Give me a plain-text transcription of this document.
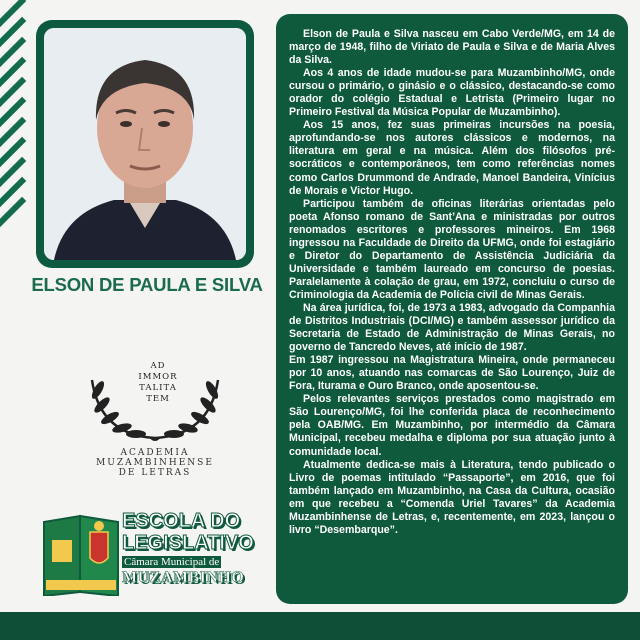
ELSON DE PAULA E SILVA
AD
IMMOR
TALITA
TEM
ACADEMIA
MUZAMBINHENSE
DE LETRAS
ESCOLA DO
LEGISLATIVO
Câmara Municipal de
MUZAMBINHO

Elson de Paula e Silva nasceu em Cabo Verde/MG, em 14 de março de 1948, filho de Viriato de Paula e Silva e de Maria Alves da Silva.

Aos 4 anos de idade mudou-se para Muzambinho/MG, onde cursou o primário, o ginásio e o clássico, destacando-se como orador do colégio Estadual e Letrista (Primeiro lugar no Primeiro Festival da Música Popular de Muzambinho).

Aos 15 anos, fez suas primeiras incursões na poesia, aprofundando-se nos autores clássicos e modernos, na literatura em geral e na música. Além dos filósofos pré-socráticos e contemporâneos, tem como referências nomes como Carlos Drummond de Andrade, Manoel Bandeira, Vinícius de Morais e Victor Hugo.

Participou também de oficinas literárias orientadas pelo poeta Afonso romano de Sant’Ana e ministradas por outros renomados escritores e professores mineiros. Em 1968 ingressou na Faculdade de Direito da UFMG, onde foi estagiário e Diretor do Departamento de Assistência Judiciária da Universidade e também laureado em concurso de poesias. Paralelamente à colação de grau, em 1972, concluiu o curso de Criminologia da Academia de Polícia civil de Minas Gerais.

Na área jurídica, foi, de 1973 a 1983, advogado da Companhia de Distritos Industriais (DCI/MG) e também assessor jurídico da Secretaria de Estado de Administração de Minas Gerais, no governo de Tancredo Neves, até início de 1987.

Em 1987 ingressou na Magistratura Mineira, onde permaneceu por 10 anos, atuando nas comarcas de São Lourenço, Juiz de Fora, Iturama e Ouro Branco, onde aposentou-se.

Pelos relevantes serviços prestados como magistrado em São Lourenço/MG, foi lhe conferida placa de reconhecimento pela OAB/MG. Em Muzambinho, por intermédio da Câmara Municipal, recebeu medalha e diploma por sua atuação junto à comunidade local.

Atualmente dedica-se mais à Literatura, tendo publicado o Livro de poemas intitulado “Passaporte”, em 2016, que foi também lançado em Muzambinho, na Casa da Cultura, ocasião em que recebeu a “Comenda Uriel Tavares” da Academia Muzambinhense de Letras, e, recentemente, em 2023, lançou o livro “Desembarque”.
